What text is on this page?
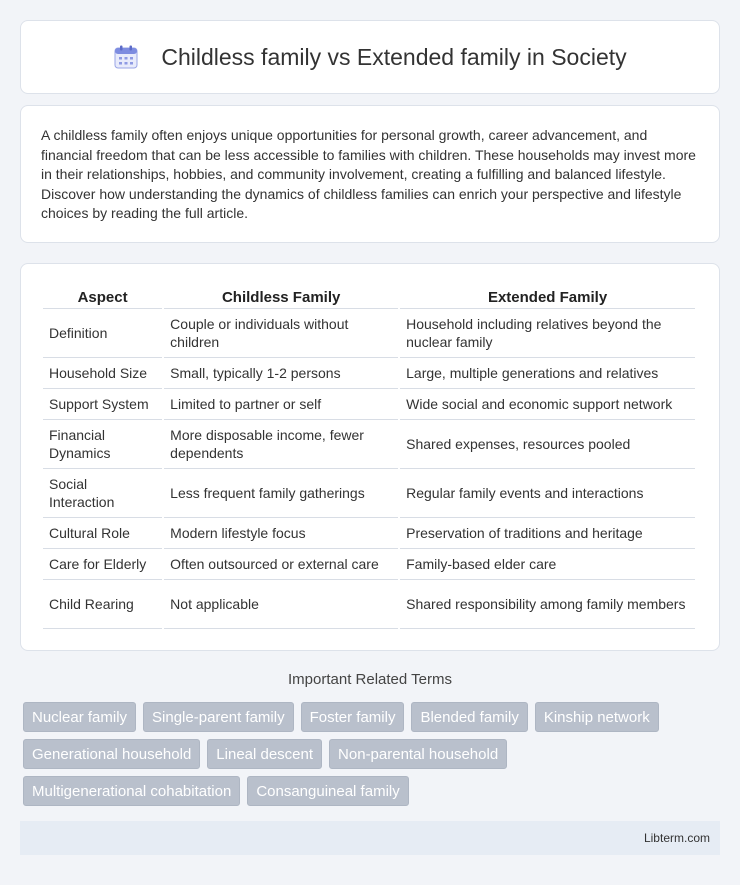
Childless family vs Extended family in Society

A childless family often enjoys unique opportunities for personal growth, career advancement, and financial freedom that can be less accessible to families with children. These households may invest more in their relationships, hobbies, and community involvement, creating a fulfilling and balanced lifestyle. Discover how understanding the dynamics of childless families can enrich your perspective and lifestyle choices by reading the full article.

Aspect	Childless Family	Extended Family
Definition	Couple or individuals without children	Household including relatives beyond the nuclear family
Household Size	Small, typically 1-2 persons	Large, multiple generations and relatives
Support System	Limited to partner or self	Wide social and economic support network
Financial Dynamics	More disposable income, fewer dependents	Shared expenses, resources pooled
Social Interaction	Less frequent family gatherings	Regular family events and interactions
Cultural Role	Modern lifestyle focus	Preservation of traditions and heritage
Care for Elderly	Often outsourced or external care	Family-based elder care
Child Rearing	Not applicable	Shared responsibility among family members
Important Related Terms
Nuclear family	Single-parent family	Foster family	Blended family	Kinship network
Generational household	Lineal descent	Non-parental household
Multigenerational cohabitation	Consanguineal family
Libterm.com
